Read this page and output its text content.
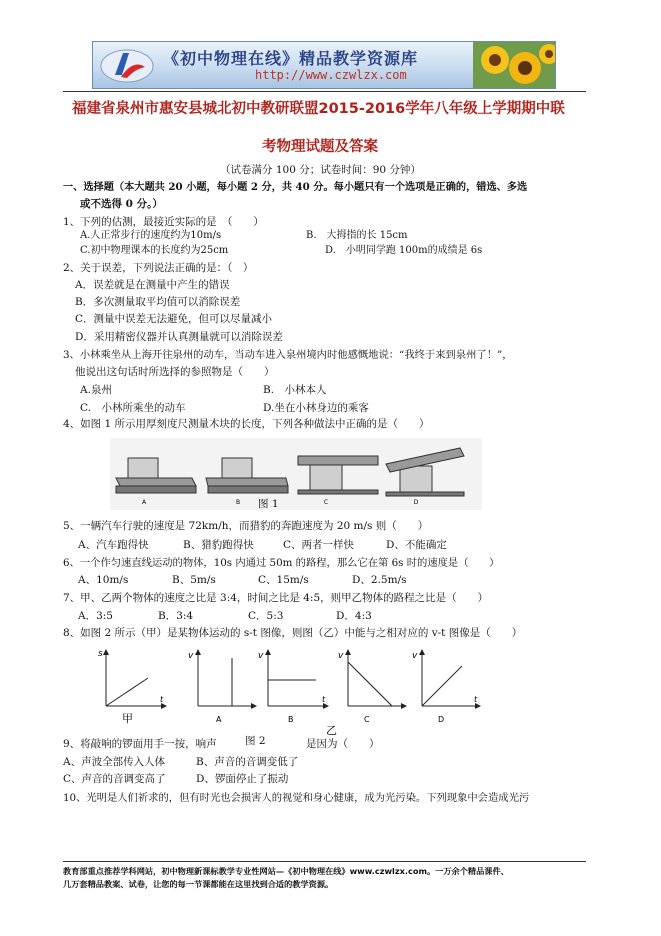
《初中物理在线》精品教学资源库
http://www.czwlzx.com
福建省泉州市惠安县城北初中教研联盟2015-2016学年八年级上学期期中联
考物理试题及答案
（试卷满分 100 分；试卷时间：90 分钟）
一、选择题（本大题共 20 小题，每小题 2 分，共 40 分。每小题只有一个选项是正确的，错选、多选
或不选得 0 分。）
1、下列的估测，最接近实际的是　（　　）
A.人正常步行的速度约为10m/s	B.　大拇指的长 15cm
C.初中物理课本的长度约为25cm	D.　小明同学跑 100m的成绩是 6s
2、关于误差，下列说法正确的是：（　）
A．误差就是在测量中产生的错误
B．多次测量取平均值可以消除误差
C．测量中误差无法避免，但可以尽量减小
D．采用精密仪器并认真测量就可以消除误差
3、小林乘坐从上海开往泉州的动车，当动车进入泉州境内时他感慨地说：“我终于来到泉州了！”，
他说出这句话时所选择的参照物是（　　）
A.泉州	B.　小林本人
C.　小林所乘坐的动车	D.坐在小林身边的乘客
4、如图 1 所示用厚刻度尺测量木块的长度，下列各种做法中正确的是（　　）
A	B	C	D
图 1
5、一辆汽车行驶的速度是 72km/h，而猎豹的奔跑速度为 20 m/s 则（　　）
A、汽车跑得快	B、猎豹跑得快	C、两者一样快	D、不能确定
6、一个作匀速直线运动的物体，10s 内通过 50m 的路程，那么它在第 6s 时的速度是（　　）
A、10m/s	B、5m/s	C、15m/s	D、2.5m/s
7、甲、乙两个物体的速度之比是 3:4，时间之比是 4:5，则甲乙物体的路程之比是（　　）
A．3:5	B．3:4	C．5:3	D．4:3
8、如图 2 所示（甲）是某物体运动的 s-t 图像，则图（乙）中能与之相对应的 v-t 图像是（　　）
s
t
甲
v
A
v
t
B
v
C
v
t
D
乙
9、将敲响的锣面用手一按，响声	图 2	是因为（　　）
A、声波全部传入人体	B、声音的音调变低了
C、声音的音调变高了	D、锣面停止了振动
10、光明是人们祈求的，但有时光也会损害人的视觉和身心健康，成为光污染。下列现象中会造成光污
教育部重点推荐学科网站，初中物理新课标教学专业性网站—《初中物理在线》www.czwlzx.com。一万余个精品课件、
几万套精品教案、试卷，让您的每一节课都能在这里找到合适的教学资源。
